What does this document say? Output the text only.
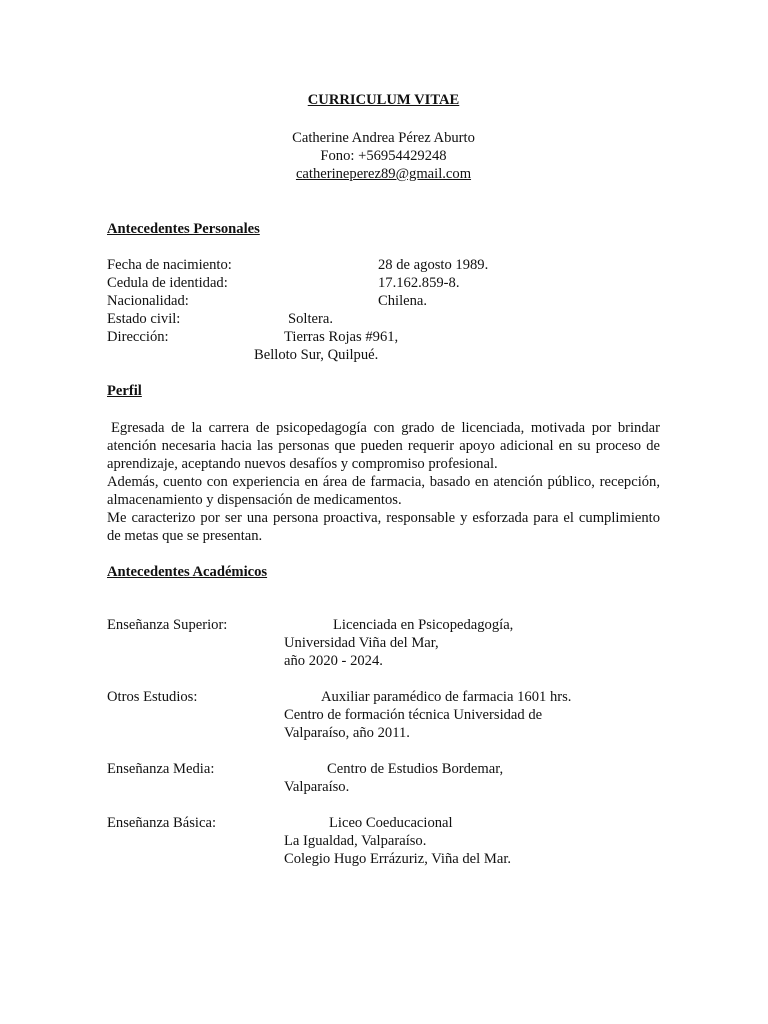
CURRICULUM VITAE
Catherine Andrea Pérez Aburto
Fono: +56954429248
catherineperez89@gmail.com
Antecedentes Personales
Fecha de nacimiento:	28 de agosto 1989.
Cedula de identidad:	17.162.859-8.
Nacionalidad:	Chilena.
Estado civil:	Soltera.
Dirección:	Tierras Rojas #961,
Belloto Sur, Quilpué.
Perfil

Egresada de la carrera de psicopedagogía con grado de licenciada, motivada por brindar atención necesaria hacia las personas que pueden requerir apoyo adicional en su proceso de aprendizaje, aceptando nuevos desafíos y compromiso profesional.

Además, cuento con experiencia en área de farmacia, basado en atención público, recepción, almacenamiento y dispensación de medicamentos.

Me caracterizo por ser una persona proactiva, responsable y esforzada para el cumplimiento de metas que se presentan.

Antecedentes Académicos
Enseñanza Superior:	Licenciada en Psicopedagogía,
Universidad Viña del Mar,
año 2020 - 2024.
Otros Estudios:	Auxiliar paramédico de farmacia 1601 hrs.
Centro de formación técnica Universidad de
Valparaíso, año 2011.
Enseñanza Media:	Centro de Estudios Bordemar,
Valparaíso.
Enseñanza Básica:	Liceo Coeducacional
La Igualdad, Valparaíso.
Colegio Hugo Errázuriz, Viña del Mar.
